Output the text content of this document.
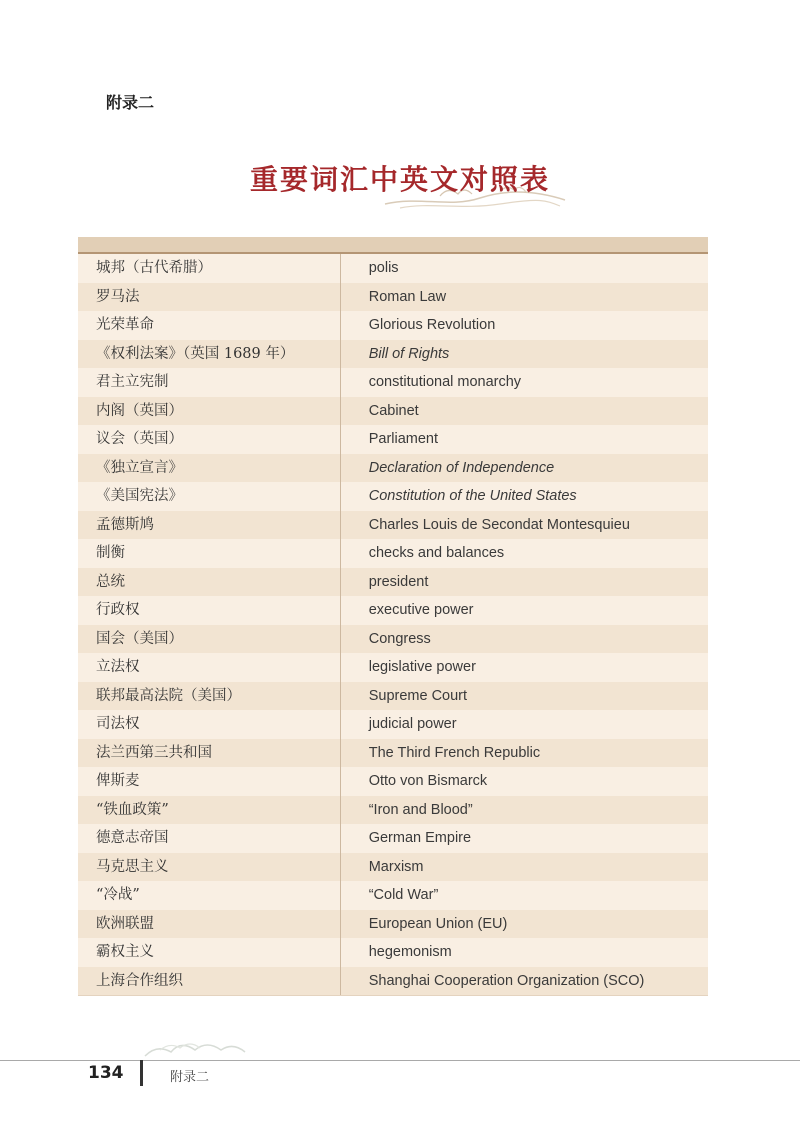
附录二
重要词汇中英文对照表

城邦（古代希腊）	polis
罗马法	Roman Law
光荣革命	Glorious Revolution
《权利法案》（英国 1689 年）	Bill of Rights
君主立宪制	constitutional monarchy
内阁（英国）	Cabinet
议会（英国）	Parliament
《独立宣言》	Declaration of Independence
《美国宪法》	Constitution of the United States
孟德斯鸠	Charles Louis de Secondat Montesquieu
制衡	checks and balances
总统	president
行政权	executive power
国会（美国）	Congress
立法权	legislative power
联邦最高法院（美国）	Supreme Court
司法权	judicial power
法兰西第三共和国	The Third French Republic
俾斯麦	Otto von Bismarck
“铁血政策”	“Iron and Blood”
德意志帝国	German Empire
马克思主义	Marxism
“冷战”	“Cold War”
欧洲联盟	European Union (EU)
霸权主义	hegemonism
上海合作组织	Shanghai Cooperation Organization (SCO)
134	附录二
